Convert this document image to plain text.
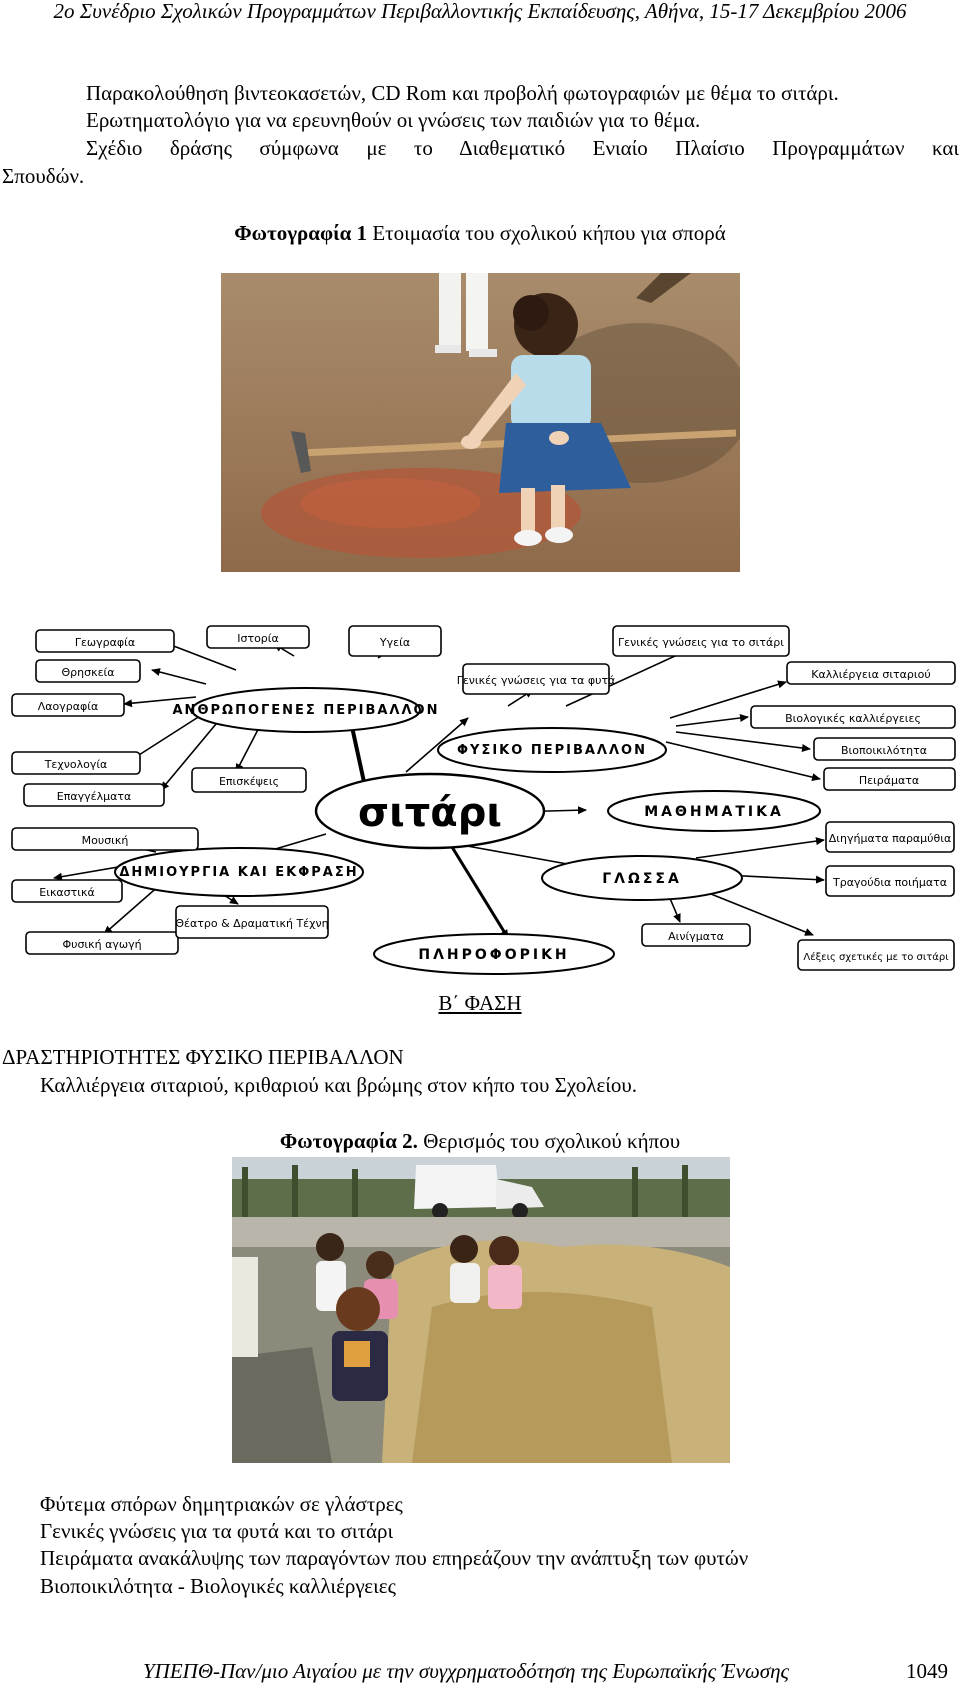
2ο Συνέδριο Σχολικών Προγραμμάτων Περιβαλλοντικής Εκπαίδευσης, Αθήνα, 15-17 Δεκεμβρίου 2006
Παρακολούθηση βιντεοκασετών, CD Rom και προβολή φωτογραφιών με θέμα το σιτάρι.
Ερωτηματολόγιο για να ερευνηθούν οι γνώσεις των παιδιών για το θέμα.
Σχέδιο δράσης σύμφωνα με το Διαθεματικό Ενιαίο Πλαίσιο Προγραμμάτων και
Σπουδών.
Φωτογραφία 1 Ετοιμασία του σχολικού κήπου για σπορά
σιτάρι
ΑΝΘΡΩΠΟΓΕΝΕΣ ΠΕΡΙΒΑΛΛΟΝ
ΦΥΣΙΚΟ ΠΕΡΙΒΑΛΛΟΝ
ΜΑΘΗΜΑΤΙΚΑ
ΔΗΜΙΟΥΡΓΙΑ ΚΑΙ ΕΚΦΡΑΣΗ	ΓΛΩΣΣΑ
ΠΛΗΡΟΦΟΡΙΚΗ
Γεωγραφία	Ιστορία	Υγεία
Θρησκεία
Λαογραφία
Τεχνολογία
Επαγγέλματα
Επισκέψεις
Γενικές γνώσεις για τα φυτά
Γενικές γνώσεις για το σιτάρι
Καλλιέργεια σιταριού
Βιολογικές καλλιέργειες
Βιοποικιλότητα
Πειράματα
Μουσική
Εικαστικά
Φυσική αγωγή
Θέατρο & Δραματική Τέχνη
Διηγήματα παραμύθια
Τραγούδια ποιήματα
Αινίγματα
Λέξεις σχετικές με το σιτάρι
Β΄ ΦΑΣΗ
ΔΡΑΣΤΗΡΙΟΤΗΤΕΣ ΦΥΣΙΚΟ ΠΕΡΙΒΑΛΛΟΝ
Καλλιέργεια σιταριού, κριθαριού και βρώμης στον κήπο του Σχολείου.
Φωτογραφία 2. Θερισμός του σχολικού κήπου
Φύτεμα σπόρων δημητριακών σε γλάστρες
Γενικές γνώσεις για τα φυτά και το σιτάρι
Πειράματα ανακάλυψης των παραγόντων που επηρεάζουν την ανάπτυξη των φυτών
Βιοποικιλότητα - Βιολογικές καλλιέργειες
ΥΠΕΠΘ-Παν/μιο Αιγαίου με την συγχρηματοδότηση της Ευρωπαϊκής Ένωσης	1049
